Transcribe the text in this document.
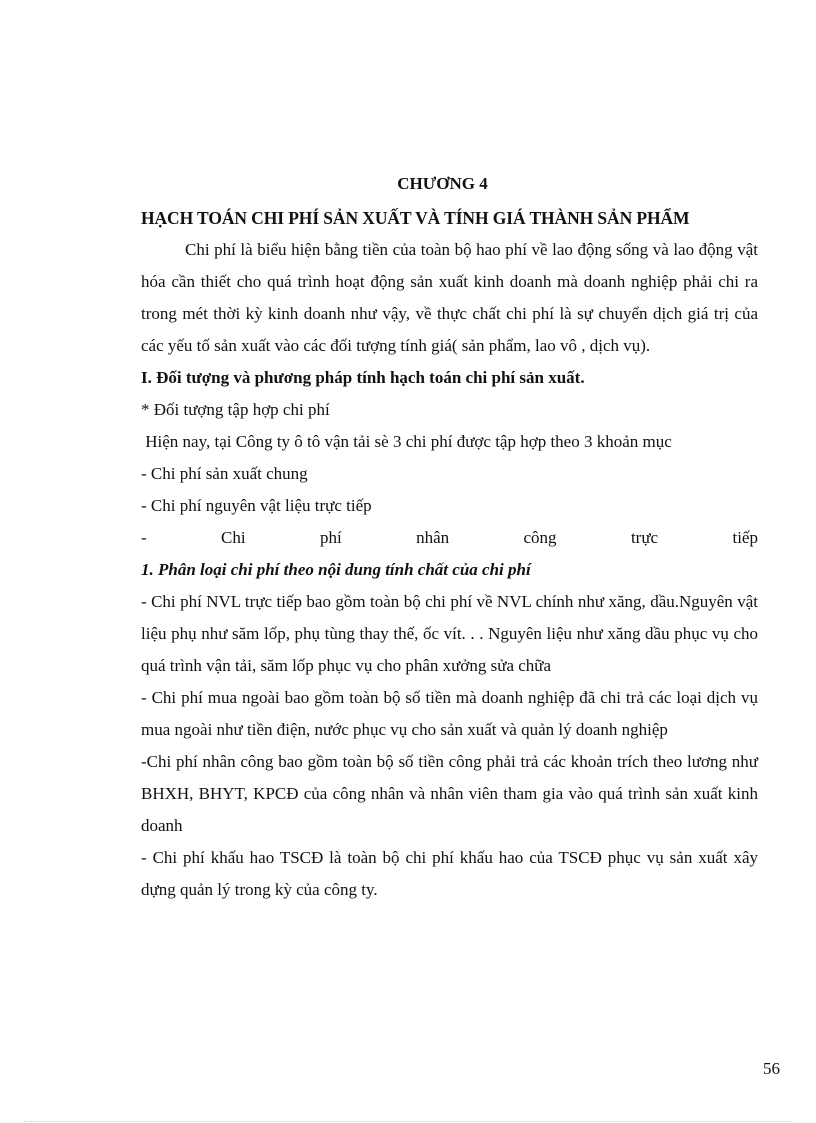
CHƯƠNG 4
HẠCH TOÁN CHI PHÍ SẢN XUẤT VÀ TÍNH GIÁ THÀNH SẢN PHẨM

Chi phí là biểu hiện bằng tiền của toàn bộ hao phí về lao động sống và lao động vật hóa cần thiết cho quá trình hoạt động sản xuất kinh doanh mà doanh nghiệp phải chi ra trong mét thời kỳ kinh doanh như vậy, về thực chất chi phí là sự chuyển dịch giá trị của các yếu tố sản xuất vào các đối tượng tính giá( sản phẩm, lao vô , dịch vụ).

I. Đối tượng và phương pháp tính hạch toán chi phí sản xuất.
* Đối tượng tập hợp chi phí
Hiện nay, tại Công ty ô tô vận tải sè 3 chi phí được tập hợp theo 3 khoản mục
- Chi phí sản xuất chung
- Chi phí nguyên vật liệu trực tiếp
-	Chi	phí	nhân	công	trực	tiếp
1. Phân loại chi phí theo nội dung tính chất của chi phí

- Chi phí NVL trực tiếp bao gồm toàn bộ chi phí về NVL chính như xăng, dầu.Nguyên vật liệu phụ như săm lốp, phụ tùng thay thế, ốc vít. . . Nguyên liệu như xăng dầu phục vụ cho quá trình vận tải, săm lốp phục vụ cho phân xưởng sửa chữa

- Chi phí mua ngoài bao gồm toàn bộ số tiền mà doanh nghiệp đã chi trả các loại dịch vụ mua ngoài như tiền điện, nước phục vụ cho sản xuất và quản lý doanh nghiệp

-Chi phí nhân công bao gồm toàn bộ số tiền công phải trả các khoản trích theo lương như BHXH, BHYT, KPCĐ của công nhân và nhân viên tham gia vào quá trình sản xuất kinh doanh

- Chi phí khấu hao TSCĐ là toàn bộ chi phí khấu hao của TSCĐ phục vụ sản xuất xây dựng quản lý trong kỳ của công ty.

56
